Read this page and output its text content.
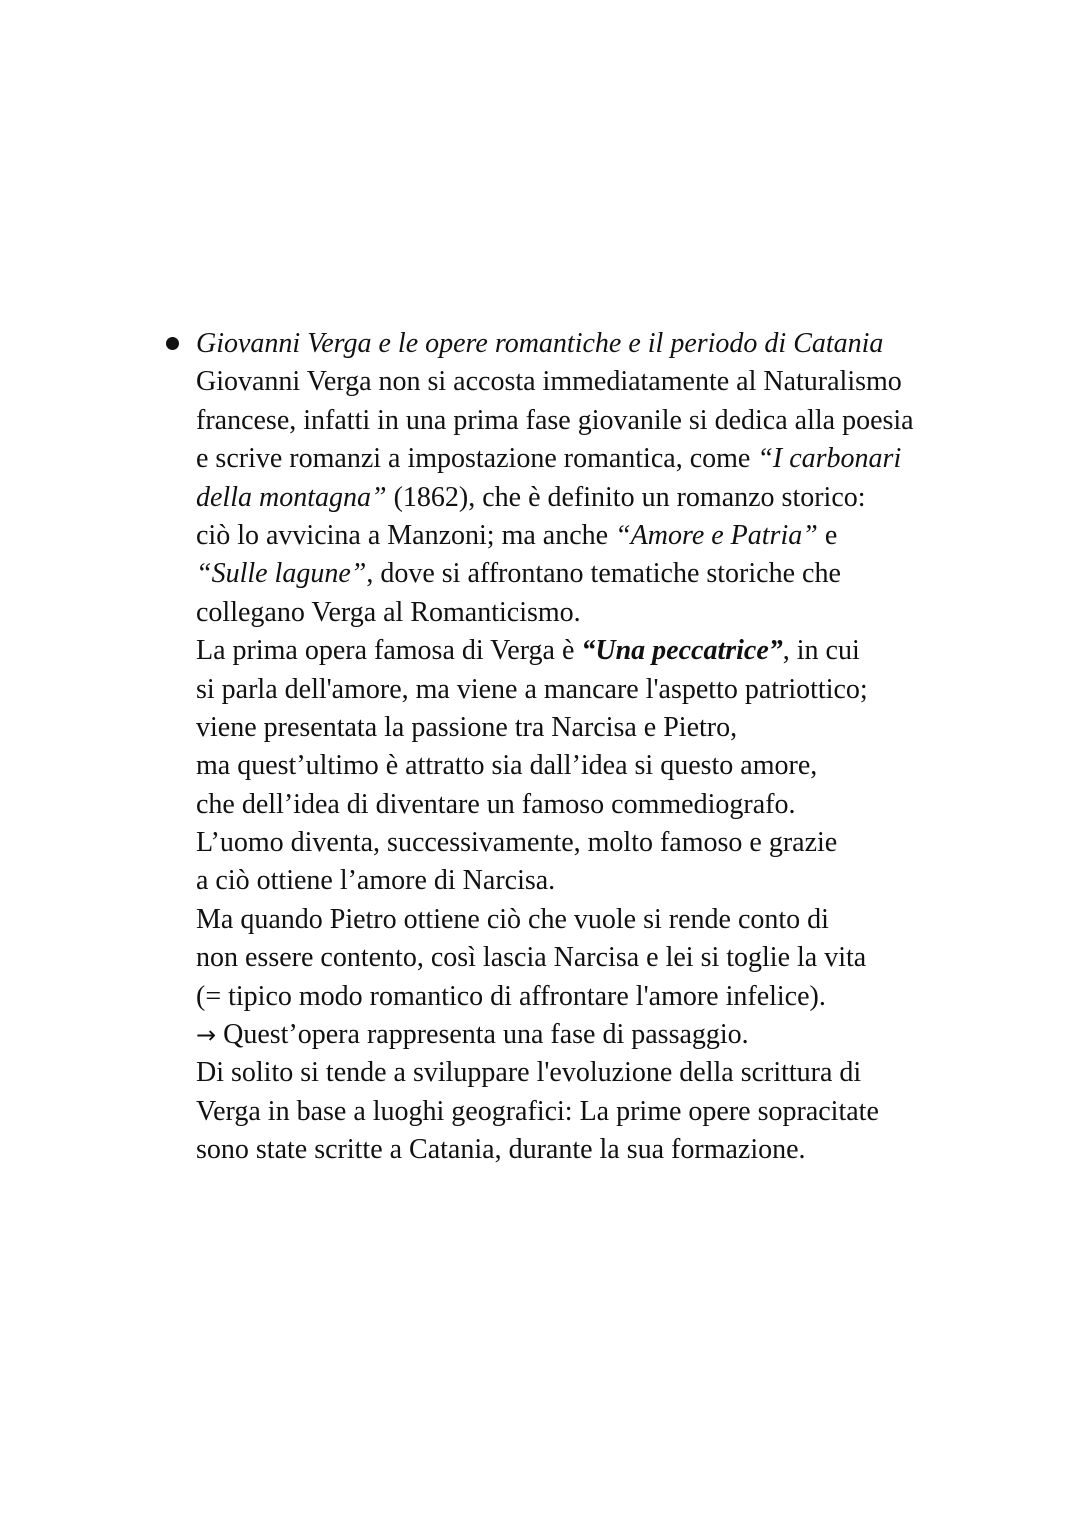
Giovanni Verga e le opere romantiche e il periodo di Catania
Giovanni Verga non si accosta immediatamente al Naturalismo
francese, infatti in una prima fase giovanile si dedica alla poesia
e scrive romanzi a impostazione romantica, come “I carbonari
della montagna” (1862), che è definito un romanzo storico:
ciò lo avvicina a Manzoni; ma anche “Amore e Patria” e
“Sulle lagune”, dove si affrontano tematiche storiche che
collegano Verga al Romanticismo.
La prima opera famosa di Verga è “Una peccatrice”, in cui
si parla dell'amore, ma viene a mancare l'aspetto patriottico;
viene presentata la passione tra Narcisa e Pietro,
ma quest’ultimo è attratto sia dall’idea si questo amore,
che dell’idea di diventare un famoso commediografo.
L’uomo diventa, successivamente, molto famoso e grazie
a ciò ottiene l’amore di Narcisa.
Ma quando Pietro ottiene ciò che vuole si rende conto di
non essere contento, così lascia Narcisa e lei si toglie la vita
(= tipico modo romantico di affrontare l'amore infelice).
→ Quest’opera rappresenta una fase di passaggio.
Di solito si tende a sviluppare l'evoluzione della scrittura di
Verga in base a luoghi geografici: La prime opere sopracitate
sono state scritte a Catania, durante la sua formazione.
